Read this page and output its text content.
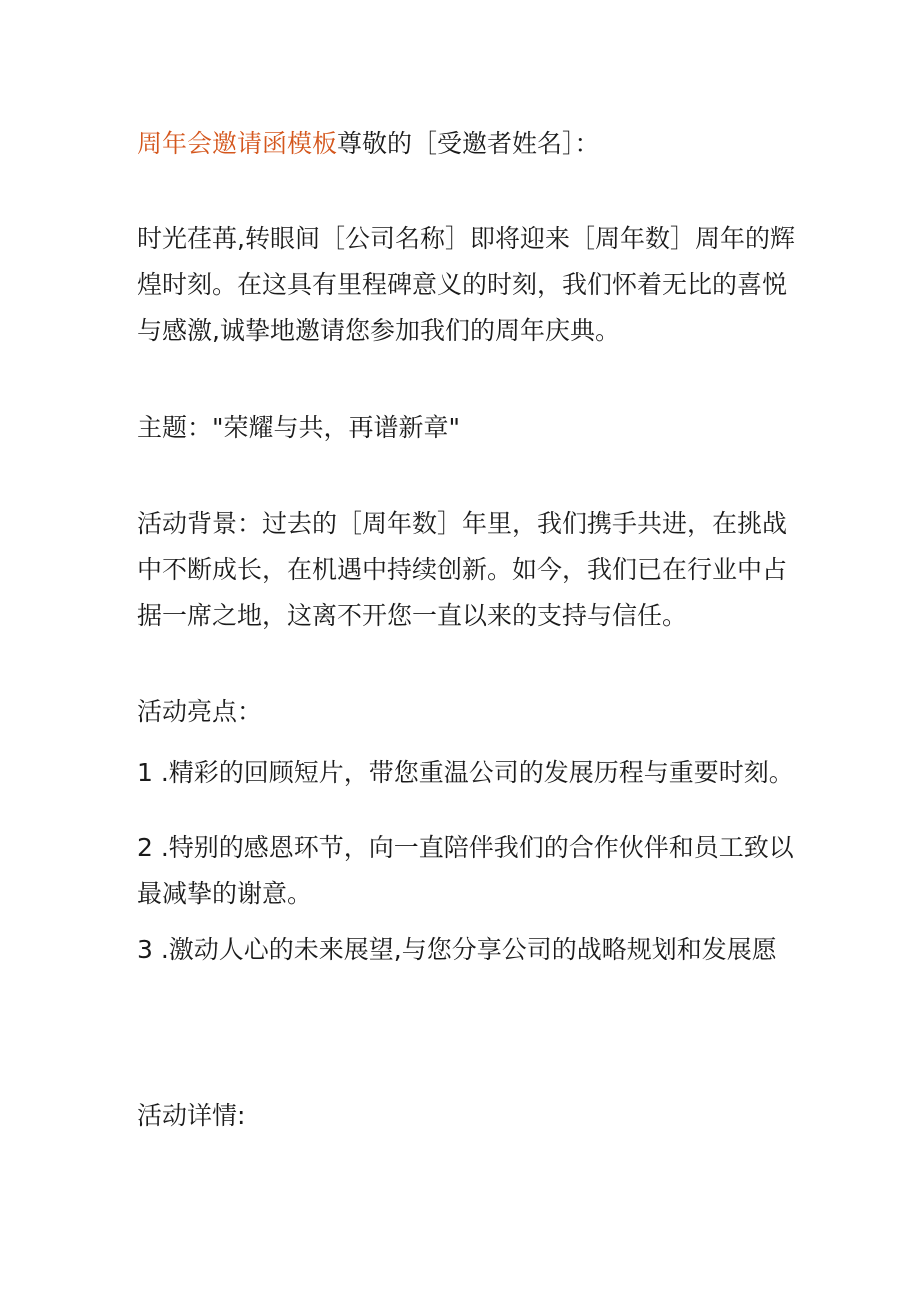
周年会邀请函模板尊敬的［受邀者姓名］：
时光荏苒,转眼间［公司名称］即将迎来［周年数］周年的辉
煌时刻。在这具有里程碑意义的时刻，我们怀着无比的喜悦
与感激,诚挚地邀请您参加我们的周年庆典。
主题："荣耀与共，再谱新章"
活动背景：过去的［周年数］年里，我们携手共进，在挑战
中不断成长，在机遇中持续创新。如今，我们已在行业中占
据一席之地，这离不开您一直以来的支持与信任。
活动亮点：
1 .精彩的回顾短片，带您重温公司的发展历程与重要时刻。
2 .特别的感恩环节，向一直陪伴我们的合作伙伴和员工致以
最减挚的谢意。
3 .激动人心的未来展望,与您分享公司的战略规划和发展愿
活动详情:
